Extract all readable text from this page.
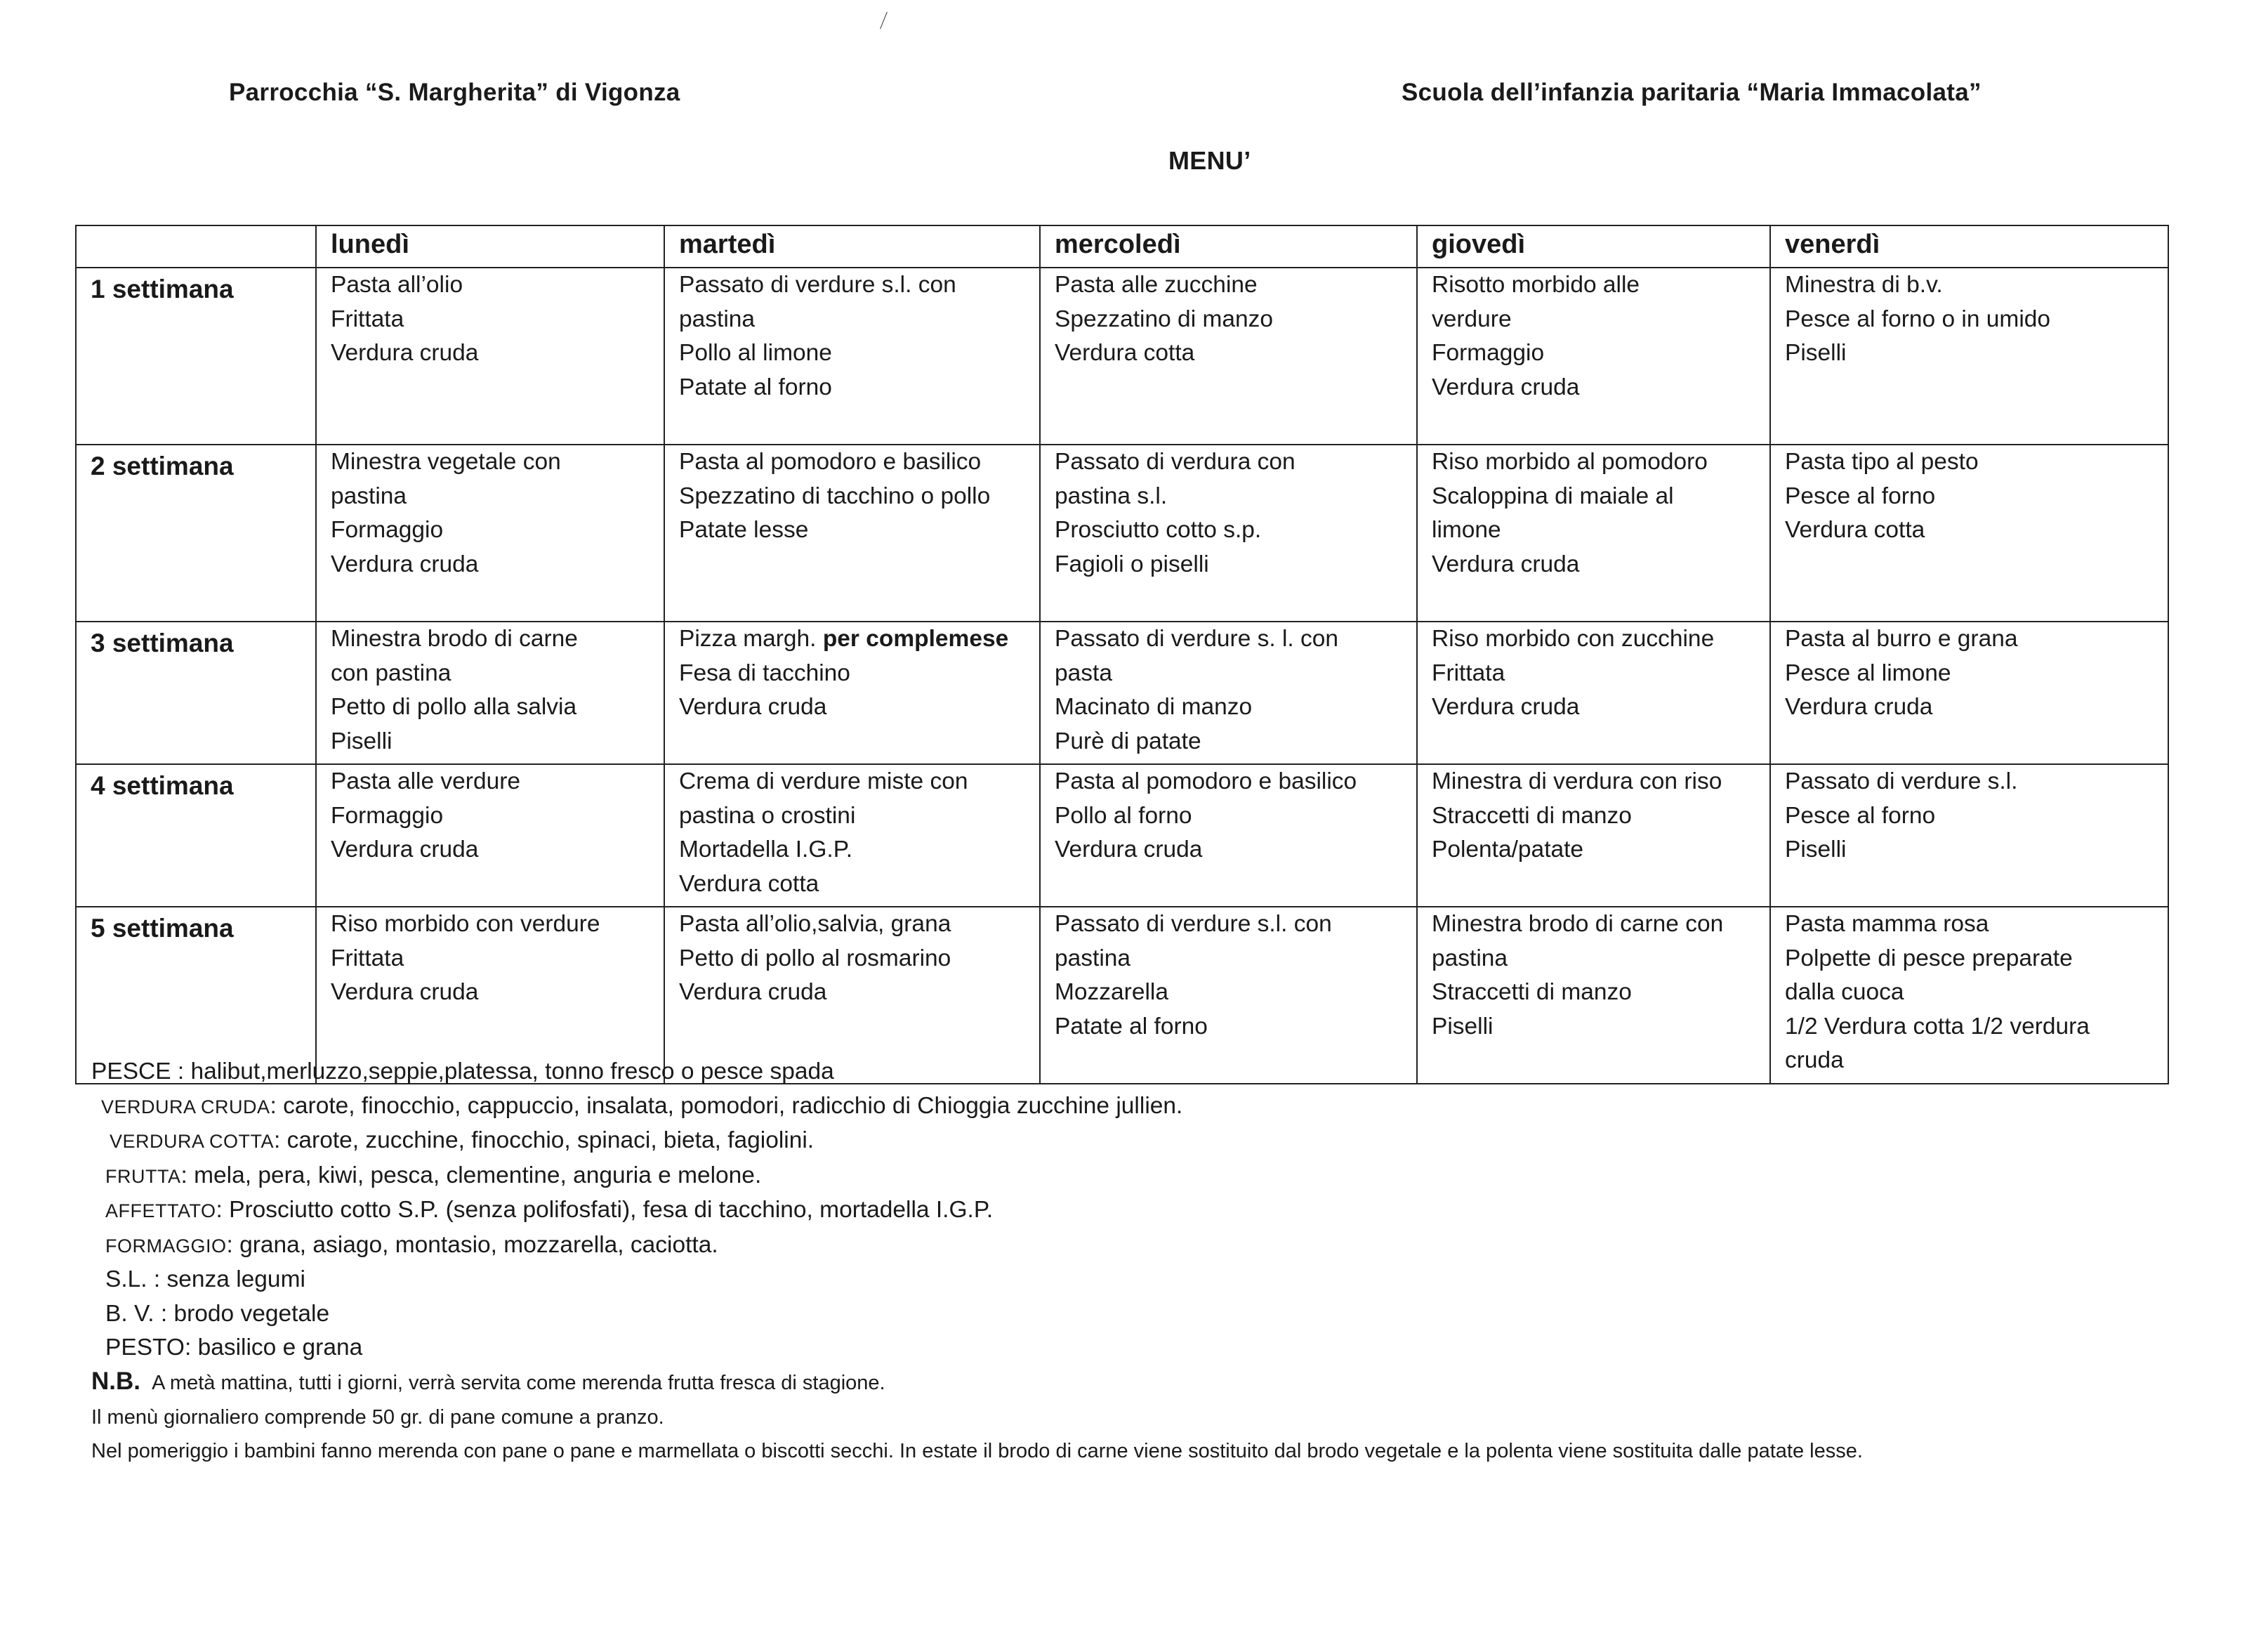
Parrocchia “S. Margherita” di Vigonza	Scuola dell’infanzia paritaria “Maria Immacolata”
MENU’
	lunedì	martedì	mercoledì	giovedì	venerdì
1 settimana	Pasta all’olio
Frittata
Verdura cruda	Passato di verdure s.l. con
pastina
Pollo al limone
Patate al forno	Pasta alle zucchine
Spezzatino di manzo
Verdura cotta	Risotto morbido alle
verdure
Formaggio
Verdura cruda	Minestra di b.v.
Pesce al forno o in umido
Piselli

2 settimana	Minestra vegetale con
pastina
Formaggio
Verdura cruda	Pasta al pomodoro e basilico
Spezzatino di tacchino o pollo
Patate lesse	Passato di verdura con
pastina s.l.
Prosciutto cotto s.p.
Fagioli o piselli	Riso morbido al pomodoro
Scaloppina di maiale al
limone
Verdura cruda	Pasta tipo al pesto
Pesce al forno
Verdura cotta

3 settimana	Minestra brodo di carne
con pastina
Petto di pollo alla salvia
Piselli	Pizza margh. per complemese
Fesa di tacchino
Verdura cruda	Passato di verdure s. l. con
pasta
Macinato di manzo
Purè di patate	Riso morbido con zucchine
Frittata
Verdura cruda	Pasta al burro e grana
Pesce al limone
Verdura cruda

4 settimana	Pasta alle verdure
Formaggio
Verdura cruda	Crema di verdure miste con
pastina o crostini
Mortadella I.G.P.
Verdura cotta	Pasta al pomodoro e basilico
Pollo al forno
Verdura cruda	Minestra di verdura con riso
Straccetti di manzo
Polenta/patate	Passato di verdure s.l.
Pesce al forno
Piselli

5 settimana	Riso morbido con verdure
Frittata
Verdura cruda	Pasta all’olio,salvia, grana
Petto di pollo al rosmarino
Verdura cruda	Passato di verdure s.l. con
pastina
Mozzarella
Patate al forno	Minestra brodo di carne con
pastina
Straccetti di manzo
Piselli	Pasta mamma rosa
Polpette di pesce preparate
dalla cuoca
1/2 Verdura cotta 1/2 verdura
cruda
PESCE : halibut,merluzzo,seppie,platessa, tonno fresco o pesce spada
VERDURA CRUDA: carote, finocchio, cappuccio, insalata, pomodori, radicchio di Chioggia zucchine jullien.
VERDURA COTTA: carote, zucchine, finocchio, spinaci, bieta, fagiolini.
FRUTTA: mela, pera, kiwi, pesca, clementine, anguria e melone.
AFFETTATO: Prosciutto cotto S.P. (senza polifosfati), fesa di tacchino, mortadella I.G.P.
FORMAGGIO: grana, asiago, montasio, mozzarella, caciotta.
S.L. : senza legumi
B. V. : brodo vegetale
PESTO: basilico e grana
N.B. A metà mattina, tutti i giorni, verrà servita come merenda frutta fresca di stagione.
Il menù giornaliero comprende 50 gr. di pane comune a pranzo.
Nel pomeriggio i bambini fanno merenda con pane o pane e marmellata o biscotti secchi. In estate il brodo di carne viene sostituito dal brodo vegetale e la polenta viene sostituita dalle patate lesse.
